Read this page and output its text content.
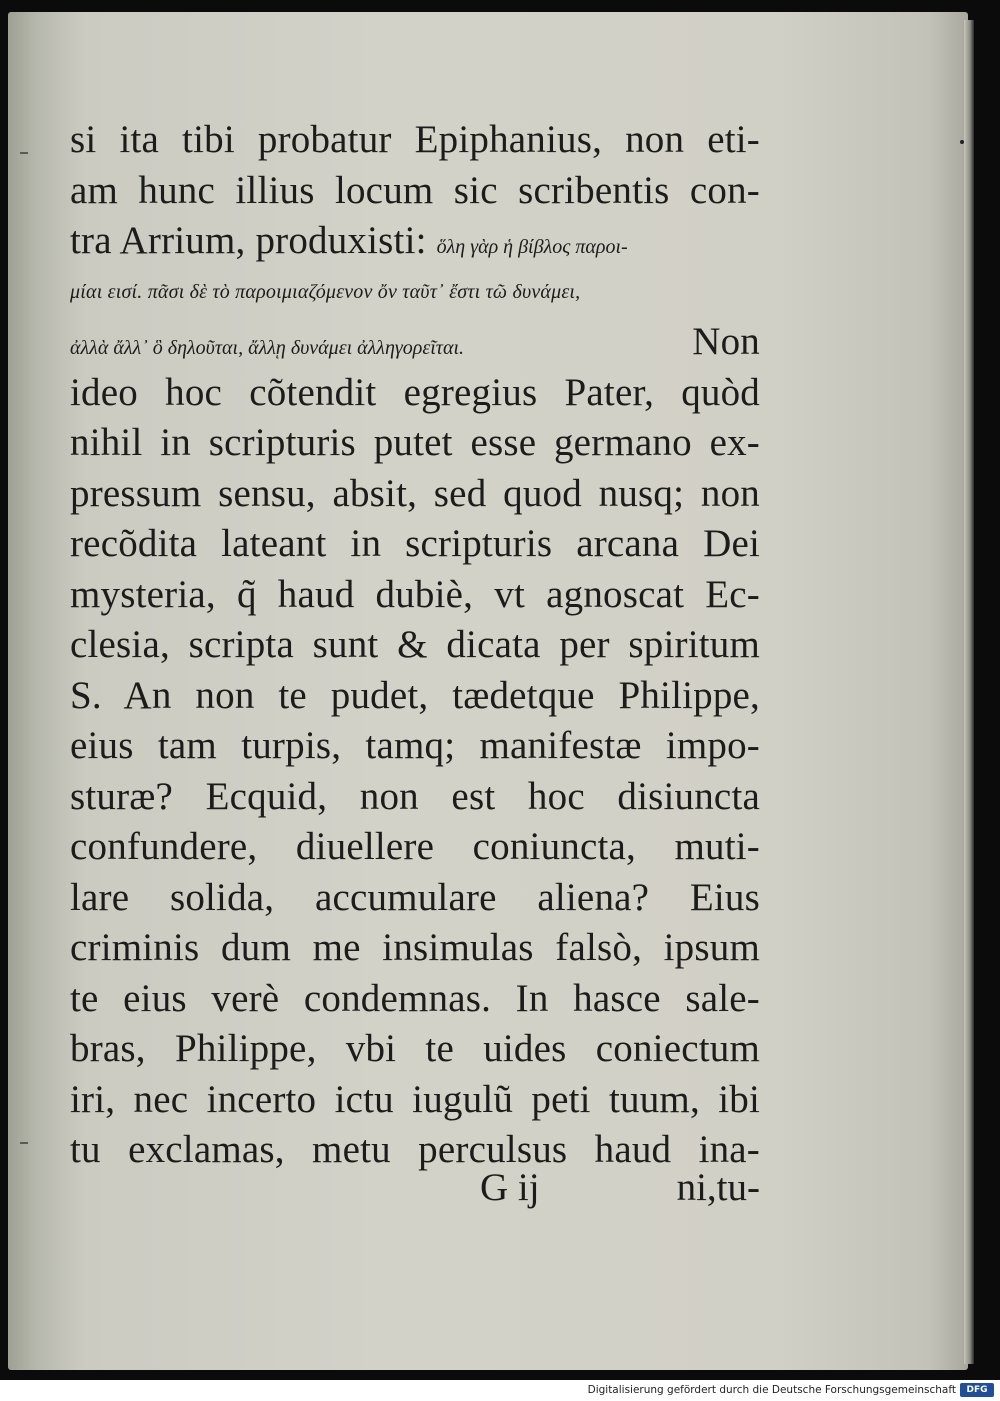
si ita tibi probatur Epiphanius, non eti-
am hunc illius locum sic scribentis con-
tra Arrium, produxisti: ὅλη γὰρ ἡ βίβλος παροι-
μίαι εισί. πᾶσι δὲ τὸ παροιμιαζόμενον ὄν ταῦτ᾽ ἔστι τῶ δυνάμει,
ἀλλὰ ἄλλ᾽ ὃ δηλοῦται, ἄλλῃ δυνάμει ἀλληγορεῖται.	Non
ideo hoc cõtendit egregius Pater, quòd
nihil in scripturis putet esse germano ex-
pressum sensu, absit, sed quod nusq; non
recõdita lateant in scripturis arcana Dei
mysteria, q̃ haud dubiè, vt agnoscat Ec-
clesia, scripta sunt & dicata per spiritum
S. An non te pudet, tædetque Philippe,
eius tam turpis, tamq; manifestæ impo-
sturæ? Ecquid, non est hoc disiuncta
confundere, diuellere coniuncta, muti-
lare solida, accumulare aliena? Eius
criminis dum me insimulas falsò, ipsum
te eius verè condemnas. In hasce sale-
bras, Philippe, vbi te uides coniectum
iri, nec incerto ictu iugulũ peti tuum, ibi
tu exclamas, metu perculsus haud ina-
G ij	ni,tu-
Digitalisierung gefördert durch die Deutsche Forschungsgemeinschaft	DFG
